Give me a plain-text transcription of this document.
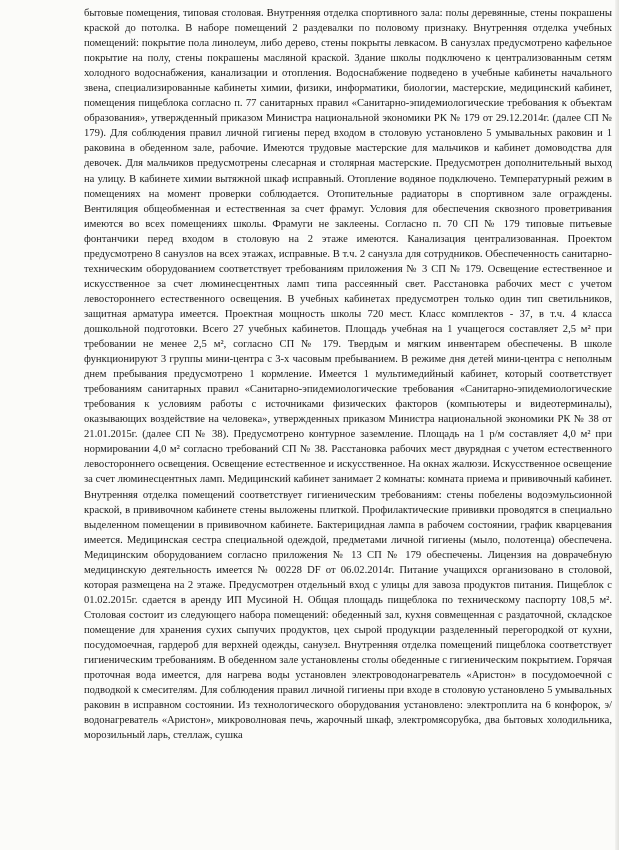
бытовые помещения, типовая столовая. Внутренняя отделка спортивного зала: полы деревянные, стены покрашены краской до потолка. В наборе помещений 2 раздевалки по половому признаку. Внутренняя отделка учебных помещений: покрытие пола линолеум, либо дерево, стены покрыты левкасом. В санузлах предусмотрено кафельное покрытие на полу, стены покрашены масляной краской. Здание школы подключено к централизованным сетям холодного водоснабжения, канализации и отопления. Водоснабжение подведено в учебные кабинеты начального звена, специализированные кабинеты химии, физики, информатики, биологии, мастерские, медицинский кабинет, помещения пищеблока согласно п. 77 санитарных правил «Санитарно-эпидемиологические требования к объектам образования», утвержденный приказом Министра национальной экономики РК № 179 от 29.12.2014г. (далее СП № 179). Для соблюдения правил личной гигиены перед входом в столовую установлено 5 умывальных раковин и 1 раковина в обеденном зале, рабочие. Имеются трудовые мастерские для мальчиков и кабинет домоводства для девочек. Для мальчиков предусмотрены слесарная и столярная мастерские. Предусмотрен дополнительный выход на улицу. В кабинете химии вытяжной шкаф исправный. Отопление водяное подключено. Температурный режим в помещениях на момент проверки соблюдается. Отопительные радиаторы в спортивном зале ограждены. Вентиляция общеобменная и естественная за счет фрамуг. Условия для обеспечения сквозного проветривания имеются во всех помещениях школы. Фрамуги не заклеены. Согласно п. 70 СП № 179 типовые питьевые фонтанчики перед входом в столовую на 2 этаже имеются. Канализация централизованная. Проектом предусмотрено 8 санузлов на всех этажах, исправные. В т.ч. 2 санузла для сотрудников. Обеспеченность санитарно-техническим оборудованием соответствует требованиям приложения № 3 СП № 179. Освещение естественное и искусственное за счет люминесцентных ламп типа рассеянный свет. Расстановка рабочих мест с учетом левостороннего естественного освещения. В учебных кабинетах предусмотрен только один тип светильников, защитная арматура имеется. Проектная мощность школы 720 мест. Класс комплектов - 37, в т.ч. 4 класса дошкольной подготовки. Всего 27 учебных кабинетов. Площадь учебная на 1 учащегося составляет 2,5 м² при требовании не менее 2,5 м², согласно СП № 179. Твердым и мягким инвентарем обеспечены. В школе функционируют 3 группы мини-центра с 3-х часовым пребыванием. В режиме дня детей мини-центра с неполным днем пребывания предусмотрено 1 кормление. Имеется 1 мультимедийный кабинет, который соответствует требованиям санитарных правил «Санитарно-эпидемиологические требования «Санитарно-эпидемиологические требования к условиям работы с источниками физических факторов (компьютеры и видеотерминалы), оказывающих воздействие на человека», утвержденных приказом Министра национальной экономики РК № 38 от 21.01.2015г. (далее СП № 38). Предусмотрено контурное заземление. Площадь на 1 р/м составляет 4,0 м² при нормировании 4,0 м² согласно требований СП № 38. Расстановка рабочих мест двурядная с учетом естественного левостороннего освещения. Освещение естественное и искусственное. На окнах жалюзи. Искусственное освещение за счет люминесцентных ламп. Медицинский кабинет занимает 2 комнаты: комната приема и прививочный кабинет. Внутренняя отделка помещений соответствует гигиеническим требованиям: стены побелены водоэмульсионной краской, в прививочном кабинете стены выложены плиткой. Профилактические прививки проводятся в специально выделенном помещении в прививочном кабинете. Бактерицидная лампа в рабочем состоянии, график кварцевания имеется. Медицинская сестра специальной одеждой, предметами личной гигиены (мыло, полотенца) обеспечена. Медицинским оборудованием согласно приложения № 13 СП № 179 обеспечены. Лицензия на доврачебную медицинскую деятельность имеется № 00228 DF от 06.02.2014г. Питание учащихся организовано в столовой, которая размещена на 2 этаже. Предусмотрен отдельный вход с улицы для завоза продуктов питания. Пищеблок с 01.02.2015г. сдается в аренду ИП Мусиной Н. Общая площадь пищеблока по техническому паспорту 108,5 м². Столовая состоит из следующего набора помещений: обеденный зал, кухня совмещенная с раздаточной, складское помещение для хранения сухих сыпучих продуктов, цех сырой продукции разделенный перегородкой от кухни, посудомоечная, гардероб для верхней одежды, санузел. Внутренняя отделка помещений пищеблока соответствует гигиеническим требованиям. В обеденном зале установлены столы обеденные с гигиеническим покрытием. Горячая проточная вода имеется, для нагрева воды установлен электроводонагреватель «Аристон» в посудомоечной с подводкой к смесителям. Для соблюдения правил личной гигиены при входе в столовую установлено 5 умывальных раковин в исправном состоянии. Из технологического оборудования установлено: электроплита на 6 конфорок, э/водонагреватель «Аристон», микроволновая печь, жарочный шкаф, электромясорубка, два бытовых холодильника, морозильный ларь, стеллаж, сушка
